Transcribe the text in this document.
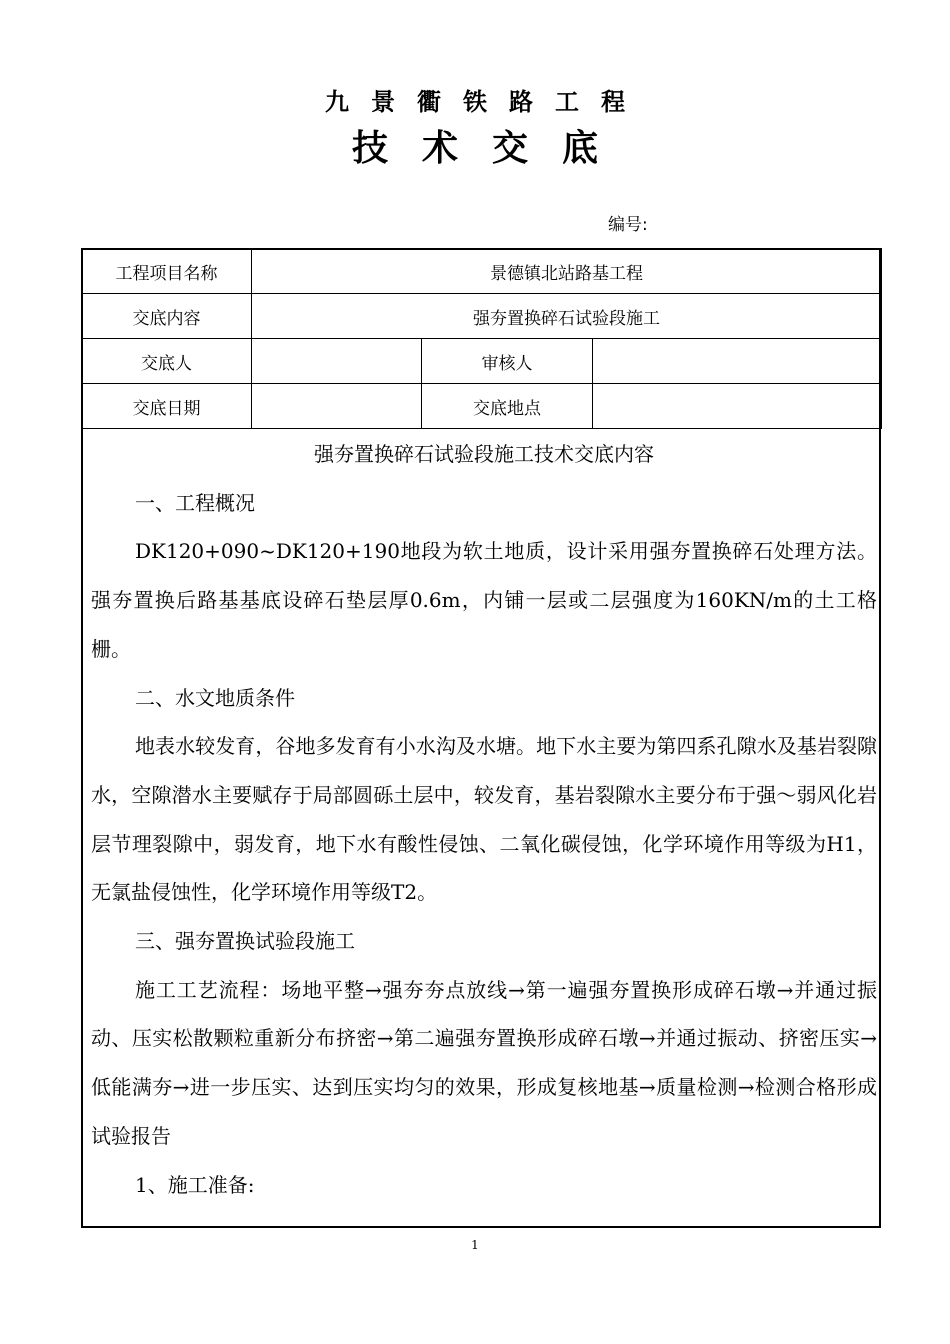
九景衢铁路工程
技术交底
编号:
工程项目名称	景德镇北站路基工程		
交底内容	强夯置换碎石试验段施工		
交底人		审核人	
交底日期		交底地点	

强夯置换碎石试验段施工技术交底内容

一、工程概况

DK120+090~DK120+190地段为软土地质，设计采用强夯置换碎石处理方法。强夯置换后路基基底设碎石垫层厚0.6m，内铺一层或二层强度为160KN/m的土工格栅。

二、水文地质条件

地表水较发育，谷地多发育有小水沟及水塘。地下水主要为第四系孔隙水及基岩裂隙水，空隙潜水主要赋存于局部圆砾土层中，较发育，基岩裂隙水主要分布于强～弱风化岩层节理裂隙中，弱发育，地下水有酸性侵蚀、二氧化碳侵蚀，化学环境作用等级为H1，无氯盐侵蚀性，化学环境作用等级T2。

三、强夯置换试验段施工

施工工艺流程：场地平整→强夯夯点放线→第一遍强夯置换形成碎石墩→并通过振动、压实松散颗粒重新分布挤密→第二遍强夯置换形成碎石墩→并通过振动、挤密压实→低能满夯→进一步压实、达到压实均匀的效果，形成复核地基→质量检测→检测合格形成试验报告

1、施工准备:

1
